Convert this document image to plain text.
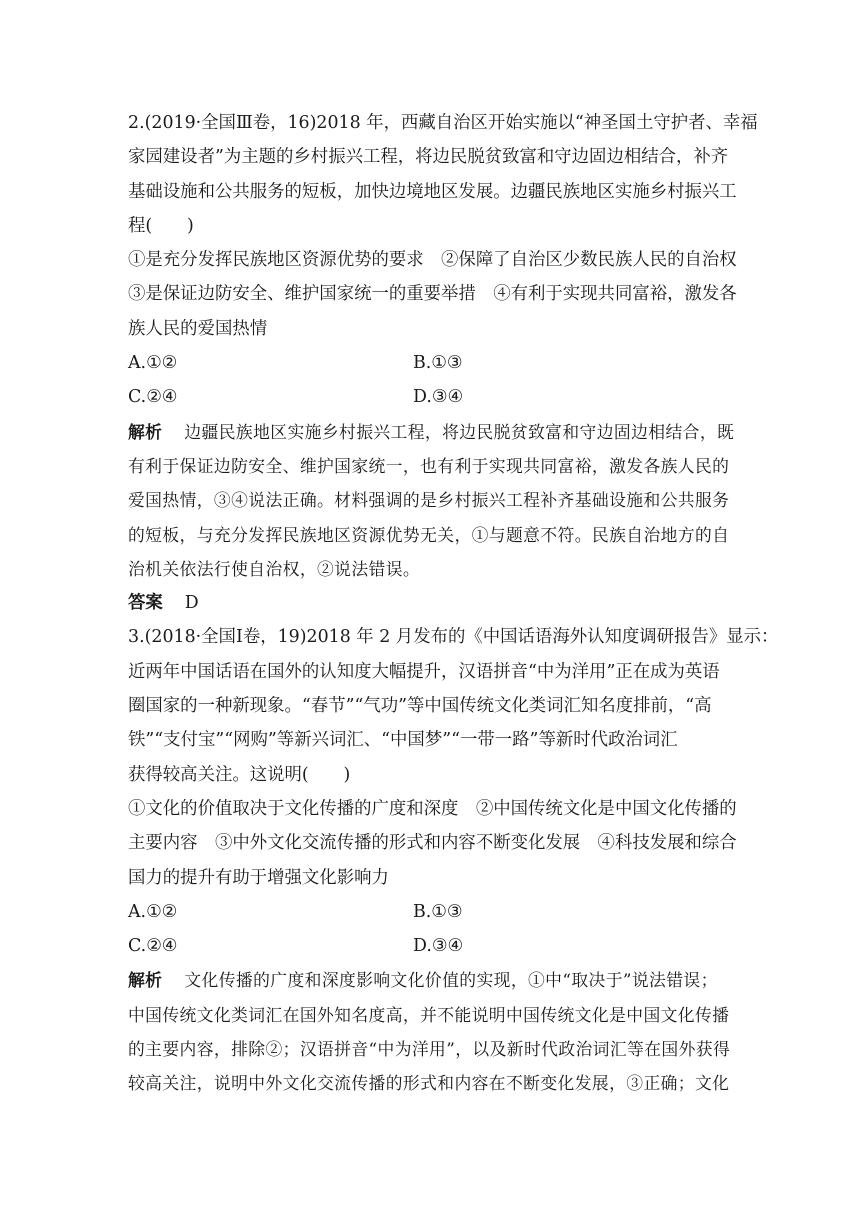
2.(2019·全国Ⅲ卷，16)2018 年，西藏自治区开始实施以“神圣国土守护者、幸福
家园建设者”为主题的乡村振兴工程，将边民脱贫致富和守边固边相结合，补齐
基础设施和公共服务的短板，加快边境地区发展。边疆民族地区实施乡村振兴工
程(　　)
①是充分发挥民族地区资源优势的要求　②保障了自治区少数民族人民的自治权
③是保证边防安全、维护国家统一的重要举措　④有利于实现共同富裕，激发各
族人民的爱国热情
A.①②	B.①③
C.②④	D.③④
解析 边疆民族地区实施乡村振兴工程，将边民脱贫致富和守边固边相结合，既
有利于保证边防安全、维护国家统一，也有利于实现共同富裕，激发各族人民的
爱国热情，③④说法正确。材料强调的是乡村振兴工程补齐基础设施和公共服务
的短板，与充分发挥民族地区资源优势无关，①与题意不符。民族自治地方的自
治机关依法行使自治权，②说法错误。
答案 D
3.(2018·全国Ⅰ卷，19)2018 年 2 月发布的《中国话语海外认知度调研报告》显示：
近两年中国话语在国外的认知度大幅提升，汉语拼音“中为洋用”正在成为英语
圈国家的一种新现象。“春节”“气功”等中国传统文化类词汇知名度排前，“高
铁”“支付宝”“网购”等新兴词汇、“中国梦”“一带一路”等新时代政治词汇
获得较高关注。这说明(　　)
①文化的价值取决于文化传播的广度和深度　②中国传统文化是中国文化传播的
主要内容　③中外文化交流传播的形式和内容不断变化发展　④科技发展和综合
国力的提升有助于增强文化影响力
A.①②	B.①③
C.②④	D.③④
解析 文化传播的广度和深度影响文化价值的实现，①中“取决于”说法错误；
中国传统文化类词汇在国外知名度高，并不能说明中国传统文化是中国文化传播
的主要内容，排除②；汉语拼音“中为洋用”，以及新时代政治词汇等在国外获得
较高关注，说明中外文化交流传播的形式和内容在不断变化发展，③正确；文化
